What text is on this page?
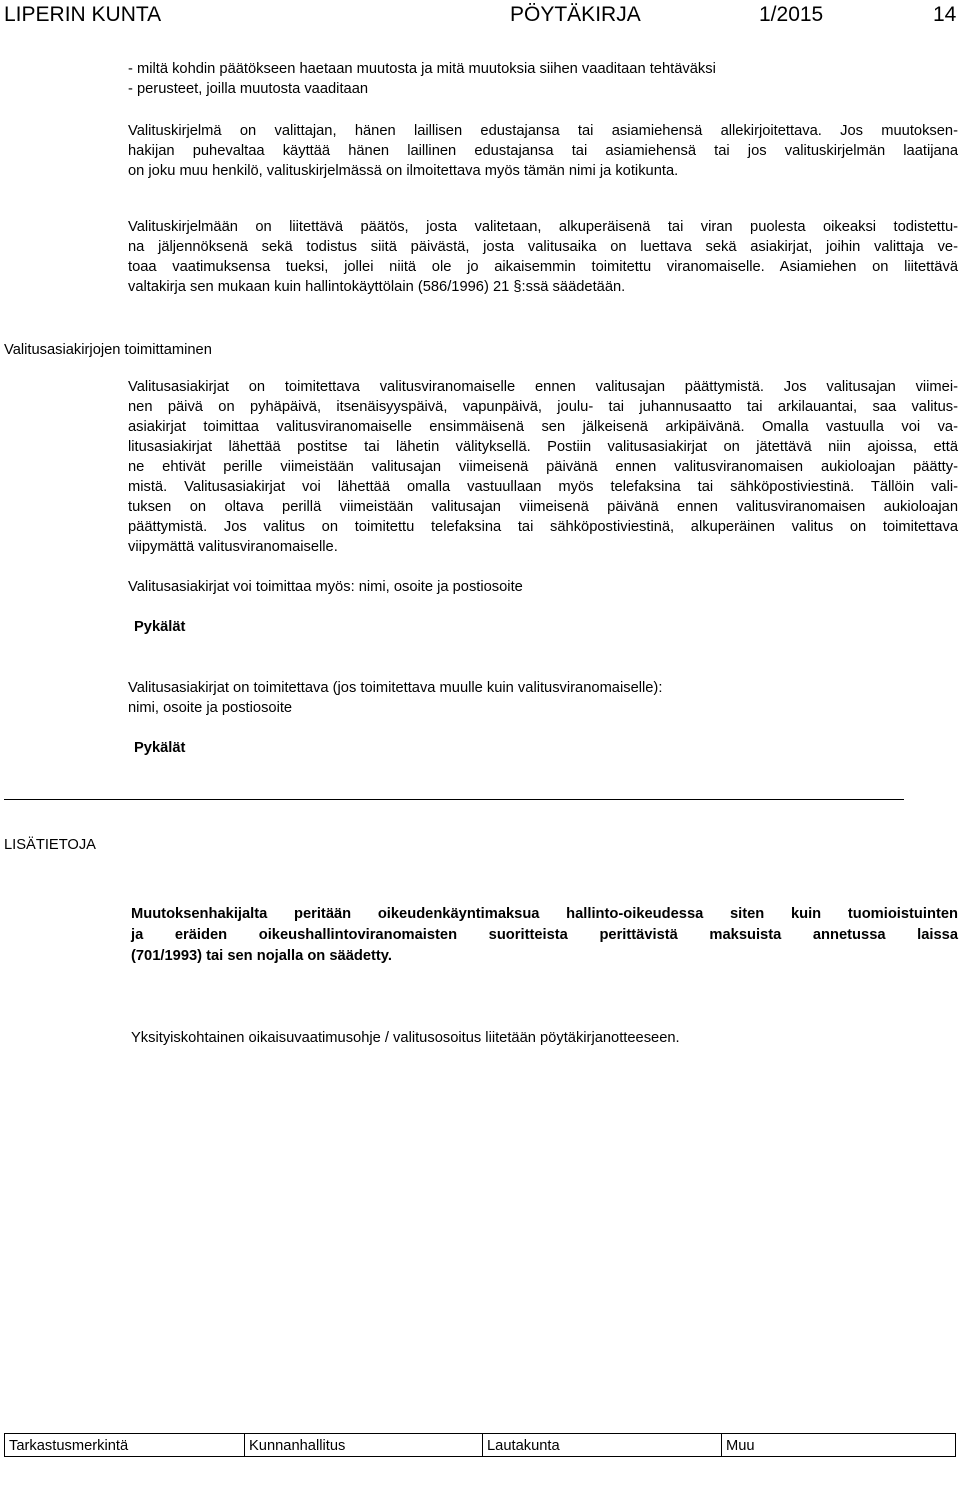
LIPERIN KUNTA	PÖYTÄKIRJA	1/2015	14
- miltä kohdin päätökseen haetaan muutosta ja mitä muutoksia siihen vaaditaan tehtäväksi
- perusteet, joilla muutosta vaaditaan
Valituskirjelmä on valittajan, hänen laillisen edustajansa tai asiamiehensä allekirjoitettava. Jos muutoksen-
hakijan puhevaltaa käyttää hänen laillinen edustajansa tai asiamiehensä tai jos valituskirjelmän laatijana
on joku muu henkilö, valituskirjelmässä on ilmoitettava myös tämän nimi ja kotikunta.
Valituskirjelmään on liitettävä päätös, josta valitetaan, alkuperäisenä tai viran puolesta oikeaksi todistettu-
na jäljennöksenä sekä todistus siitä päivästä, josta valitusaika on luettava sekä asiakirjat, joihin valittaja ve-
toaa vaatimuksensa tueksi, jollei niitä ole jo aikaisemmin toimitettu viranomaiselle. Asiamiehen on liitettävä
valtakirja sen mukaan kuin hallintokäyttölain (586/1996) 21 §:ssä säädetään.
Valitusasiakirjojen toimittaminen
Valitusasiakirjat on toimitettava valitusviranomaiselle ennen valitusajan päättymistä. Jos valitusajan viimei-
nen päivä on pyhäpäivä, itsenäisyyspäivä, vapunpäivä, joulu- tai juhannusaatto tai arkilauantai, saa valitus-
asiakirjat toimittaa valitusviranomaiselle ensimmäisenä sen jälkeisenä arkipäivänä. Omalla vastuulla voi va-
litusasiakirjat lähettää postitse tai lähetin välityksellä. Postiin valitusasiakirjat on jätettävä niin ajoissa, että
ne ehtivät perille viimeistään valitusajan viimeisenä päivänä ennen valitusviranomaisen aukioloajan päätty-
mistä. Valitusasiakirjat voi lähettää omalla vastuullaan myös telefaksina tai sähköpostiviestinä. Tällöin vali-
tuksen on oltava perillä viimeistään valitusajan viimeisenä päivänä ennen valitusviranomaisen aukioloajan
päättymistä. Jos valitus on toimitettu telefaksina tai sähköpostiviestinä, alkuperäinen valitus on toimitettava
viipymättä valitusviranomaiselle.
Valitusasiakirjat voi toimittaa myös: nimi, osoite ja postiosoite
Pykälät
Valitusasiakirjat on toimitettava (jos toimitettava muulle kuin valitusviranomaiselle):
nimi, osoite ja postiosoite
Pykälät
LISÄTIETOJA
Muutoksenhakijalta peritään oikeudenkäyntimaksua hallinto-oikeudessa siten kuin tuomioistuinten
ja eräiden oikeushallintoviranomaisten suoritteista perittävistä maksuista annetussa laissa
(701/1993) tai sen nojalla on säädetty.
Yksityiskohtainen oikaisuvaatimusohje / valitusosoitus liitetään pöytäkirjanotteeseen.
Tarkastusmerkintä	Kunnanhallitus	Lautakunta	Muu
